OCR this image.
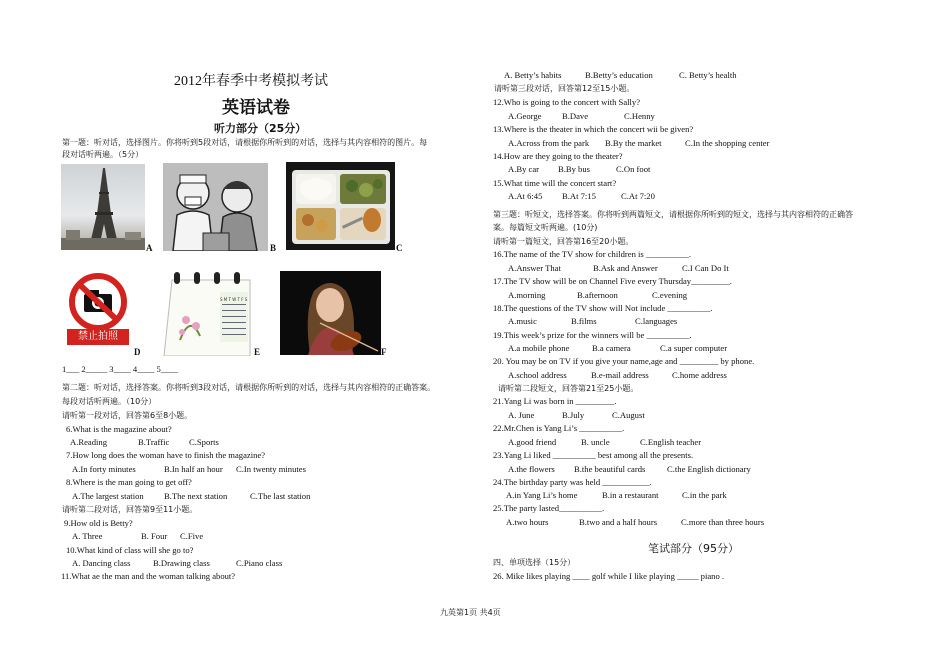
2012年春季中考模拟考试
英语试卷
听力部分（25分）
第一题：听对话，选择图片。你将听到5段对话，请根据你所听到的对话，选择与其内容相符的图片。每
段对话听两遍。（5分）
A	B	C
禁止拍照
D
S M T W T F S
E	F
1___ 2_____ 3____ 4____ 5____
第二题：听对话，选择答案。你将听到3段对话，请根据你所听到的对话，选择与其内容相符的正确答案。
每段对话听两遍。（10分）
请听第一段对话，回答第6至8小题。
6.What is the magazine about?
A.Reading	B.Traffic C.Sports
7.How long does the woman have to finish the magazine?
A.In forty minutes	B.In half an hour C.In twenty minutes
8.Where is the man going to get off?
A.The largest station B.The next station	C.The last station
请听第二段对话，回答第9至11小题。
9.How old is Betty?
A. Three	B. Four C.Five
10.What kind of class will she go to?
A. Dancing class	B.Drawing class	C.Piano class
11.What ae the man and the woman talking about?
A. Betty’s habits	B.Betty’s education	C. Betty’s health
请听第三段对话，回答第12至15小题。
12.Who is going to the concert with Sally?
A.George B.Dave	C.Henny
13.Where is the theater in which the concert wii be given?
A.Across from the park B.By the market	C.In the shopping center
14.How are they going to the theater?
A.By car B.By bus	C.On foot
15.What time will the concert start?
A.At 6:45 B.At 7:15	C.At 7:20
第三题：听短文，选择答案。你将听到两篇短文，请根据你所听到的短文，选择与其内容相符的正确答
案。每篇短文听两遍。(10分)
请听第一篇短文，回答第16至20小题。
16.The name of the TV show for children is __________.
A.Answer That	B.Ask and Answer	C.I Can Do It
17.The TV show will be on Channel Five every Thursday_________.
A.morning	B.afternoon	C.evening
18.The questions of the TV show will Not include __________.
A.music	B.films	C.languages
19.This week’s prize for the winners will be __________.
A.a mobile phone	B.a camera	C.a super computer
20. You may be on TV if you give your name,age and _________ by phone.
A.school address	B.e-mail address	C.home address
请听第二段短文，回答第21至25小题。
21.Yang Li was born in _________.
A. June	B.July	C.August
22.Mr.Chen is Yang Li’s __________.
A.good friend	B. uncle	C.English teacher
23.Yang Li liked __________ best among all the presents.
A.the flowers B.the beautiful cards	C.the English dictionary
24.The birthday party was held ___________.
A.in Yang Li’s home	B.in a restaurant	C.in the park
25.The party lasted__________.
A.two hours	B.two and a half hours	C.more than three hours
笔试部分（95分）
四、单项选择（15分）
26. Mike likes playing ____ golf while I like playing _____ piano .
九英第1页 共4页
